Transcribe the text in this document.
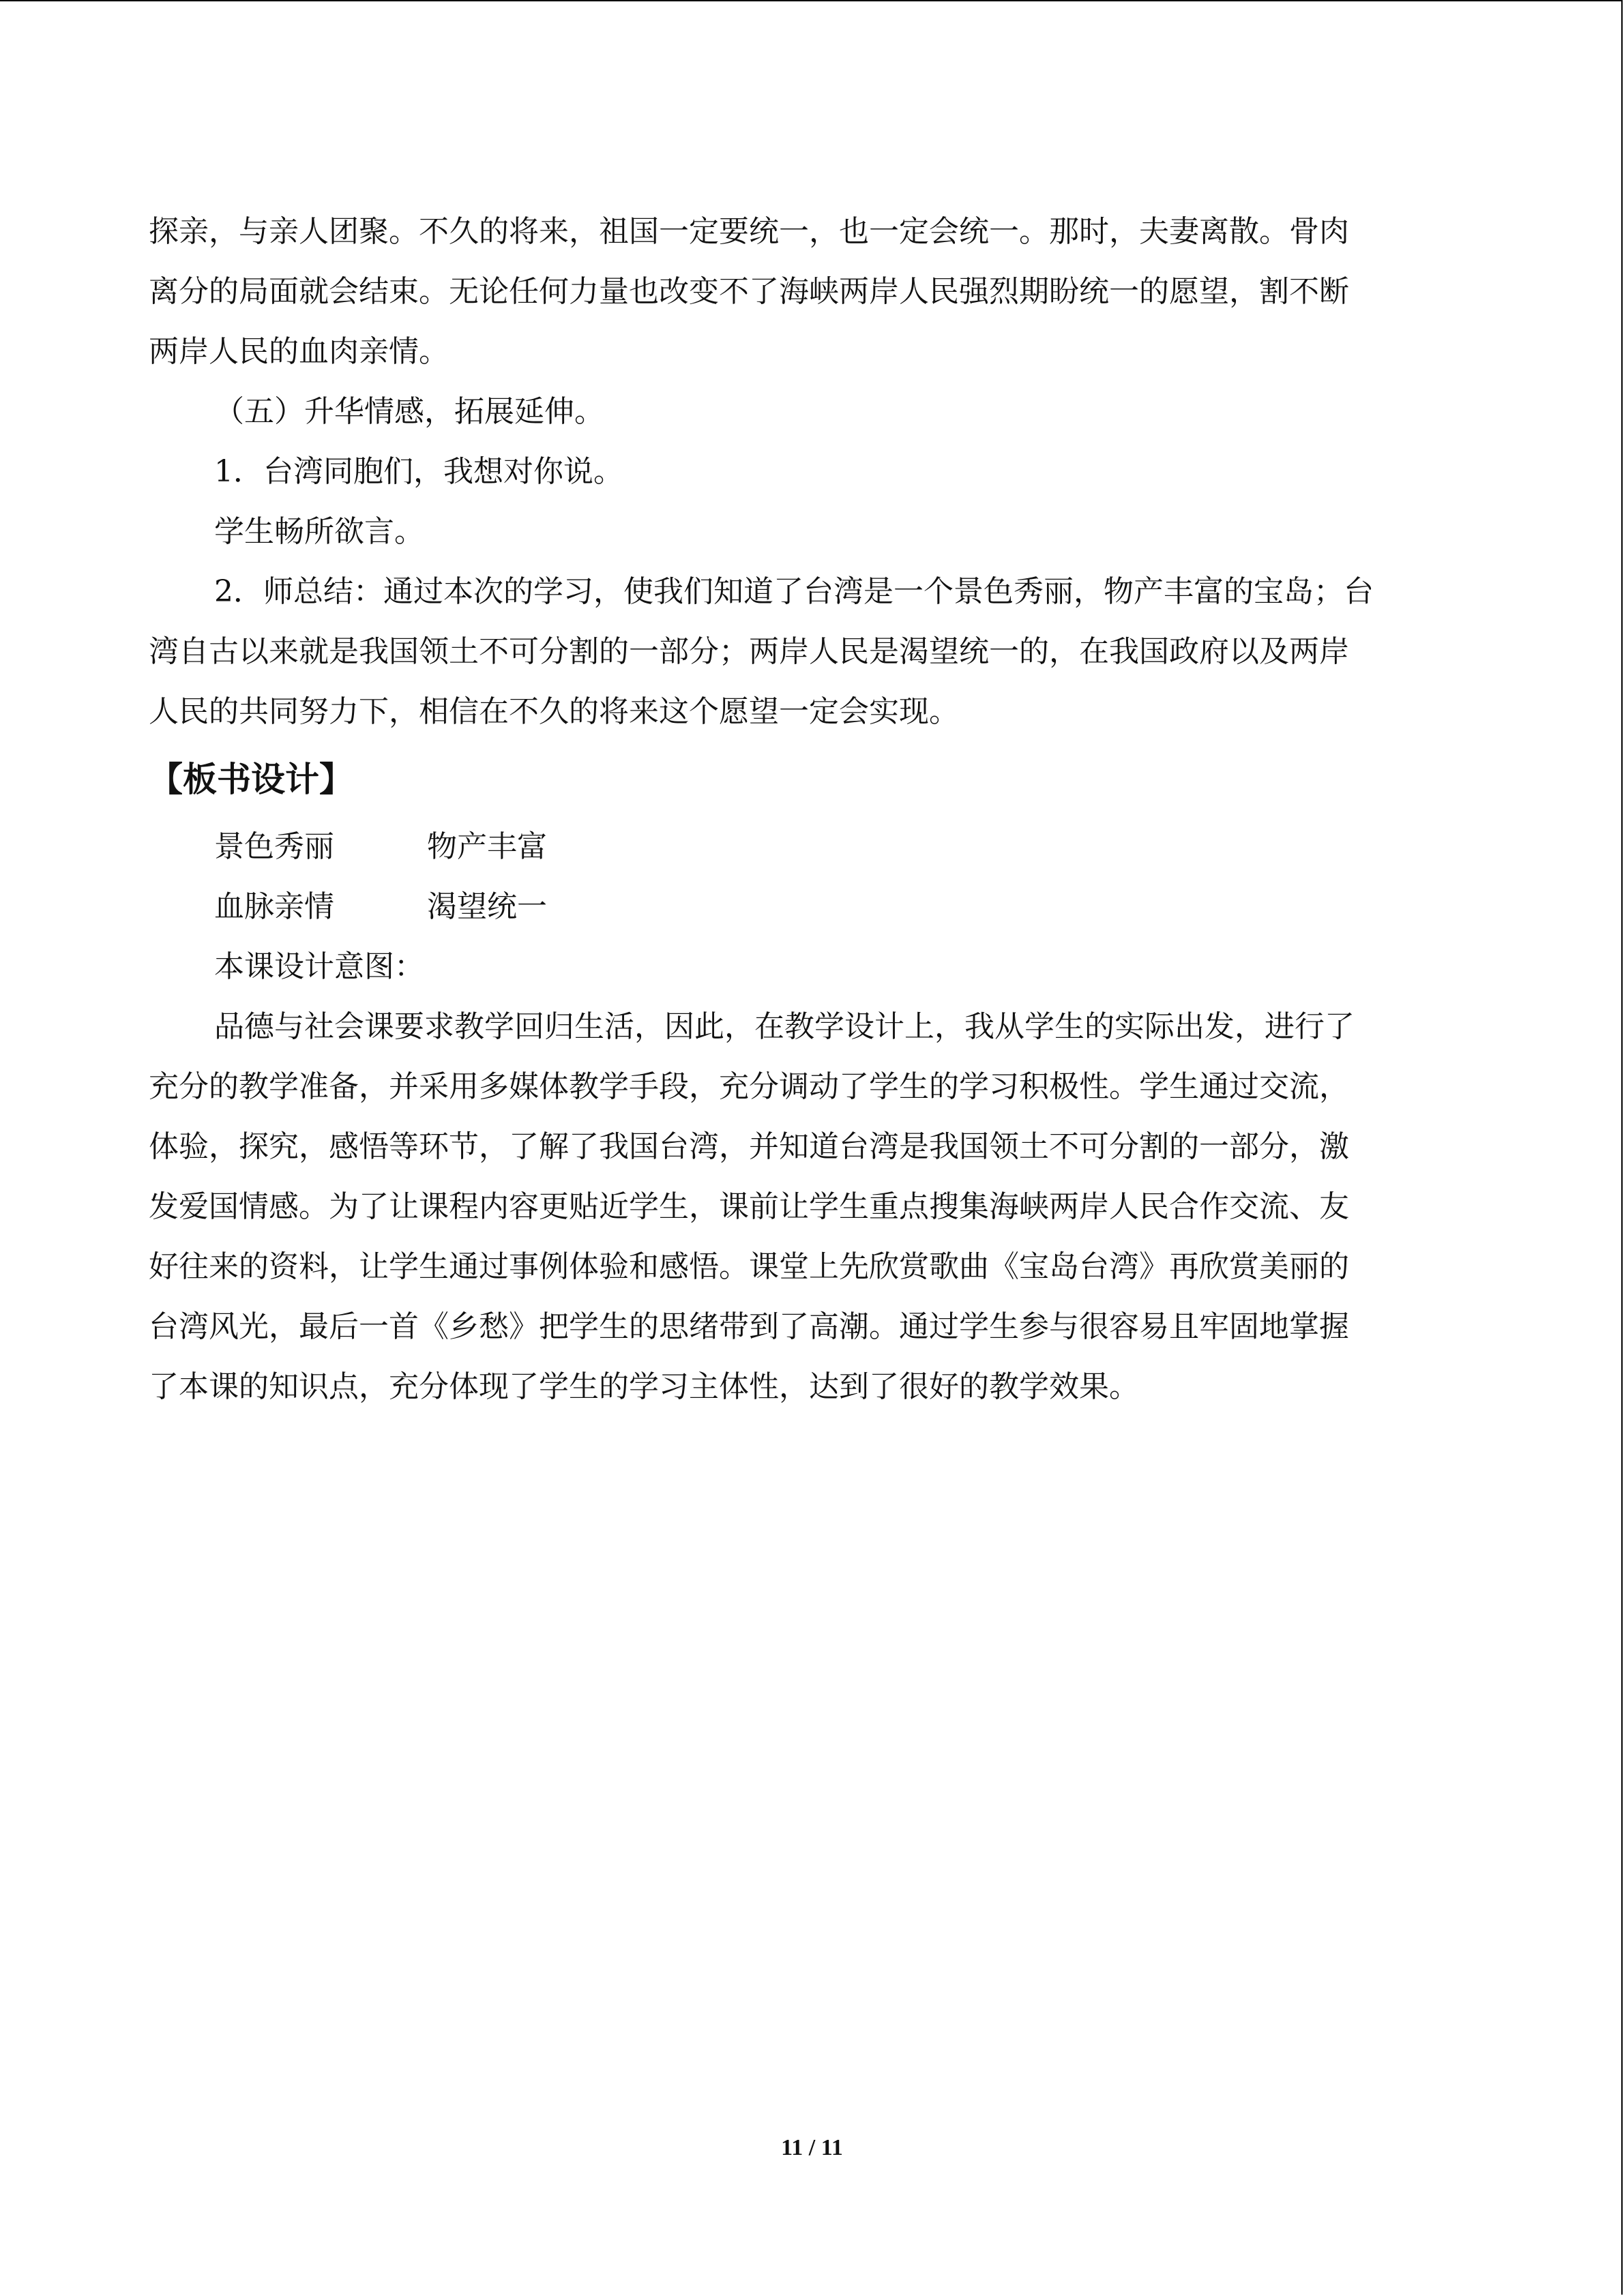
探亲，与亲人团聚。不久的将来，祖国一定要统一，也一定会统一。那时，夫妻离散。骨肉

离分的局面就会结束。无论任何力量也改变不了海峡两岸人民强烈期盼统一的愿望，割不断

两岸人民的血肉亲情。

（五）升华情感，拓展延伸。

1．台湾同胞们，我想对你说。

学生畅所欲言。

2．师总结：通过本次的学习，使我们知道了台湾是一个景色秀丽，物产丰富的宝岛；台

湾自古以来就是我国领土不可分割的一部分；两岸人民是渴望统一的，在我国政府以及两岸

人民的共同努力下，相信在不久的将来这个愿望一定会实现。

【板书设计】
景色秀丽	物产丰富
血脉亲情	渴望统一

本课设计意图：

品德与社会课要求教学回归生活，因此，在教学设计上，我从学生的实际出发，进行了

充分的教学准备，并采用多媒体教学手段，充分调动了学生的学习积极性。学生通过交流，

体验，探究，感悟等环节，了解了我国台湾，并知道台湾是我国领土不可分割的一部分，激

发爱国情感。为了让课程内容更贴近学生，课前让学生重点搜集海峡两岸人民合作交流、友

好往来的资料，让学生通过事例体验和感悟。课堂上先欣赏歌曲《宝岛台湾》再欣赏美丽的

台湾风光，最后一首《乡愁》把学生的思绪带到了高潮。通过学生参与很容易且牢固地掌握

了本课的知识点，充分体现了学生的学习主体性，达到了很好的教学效果。

11 / 11
